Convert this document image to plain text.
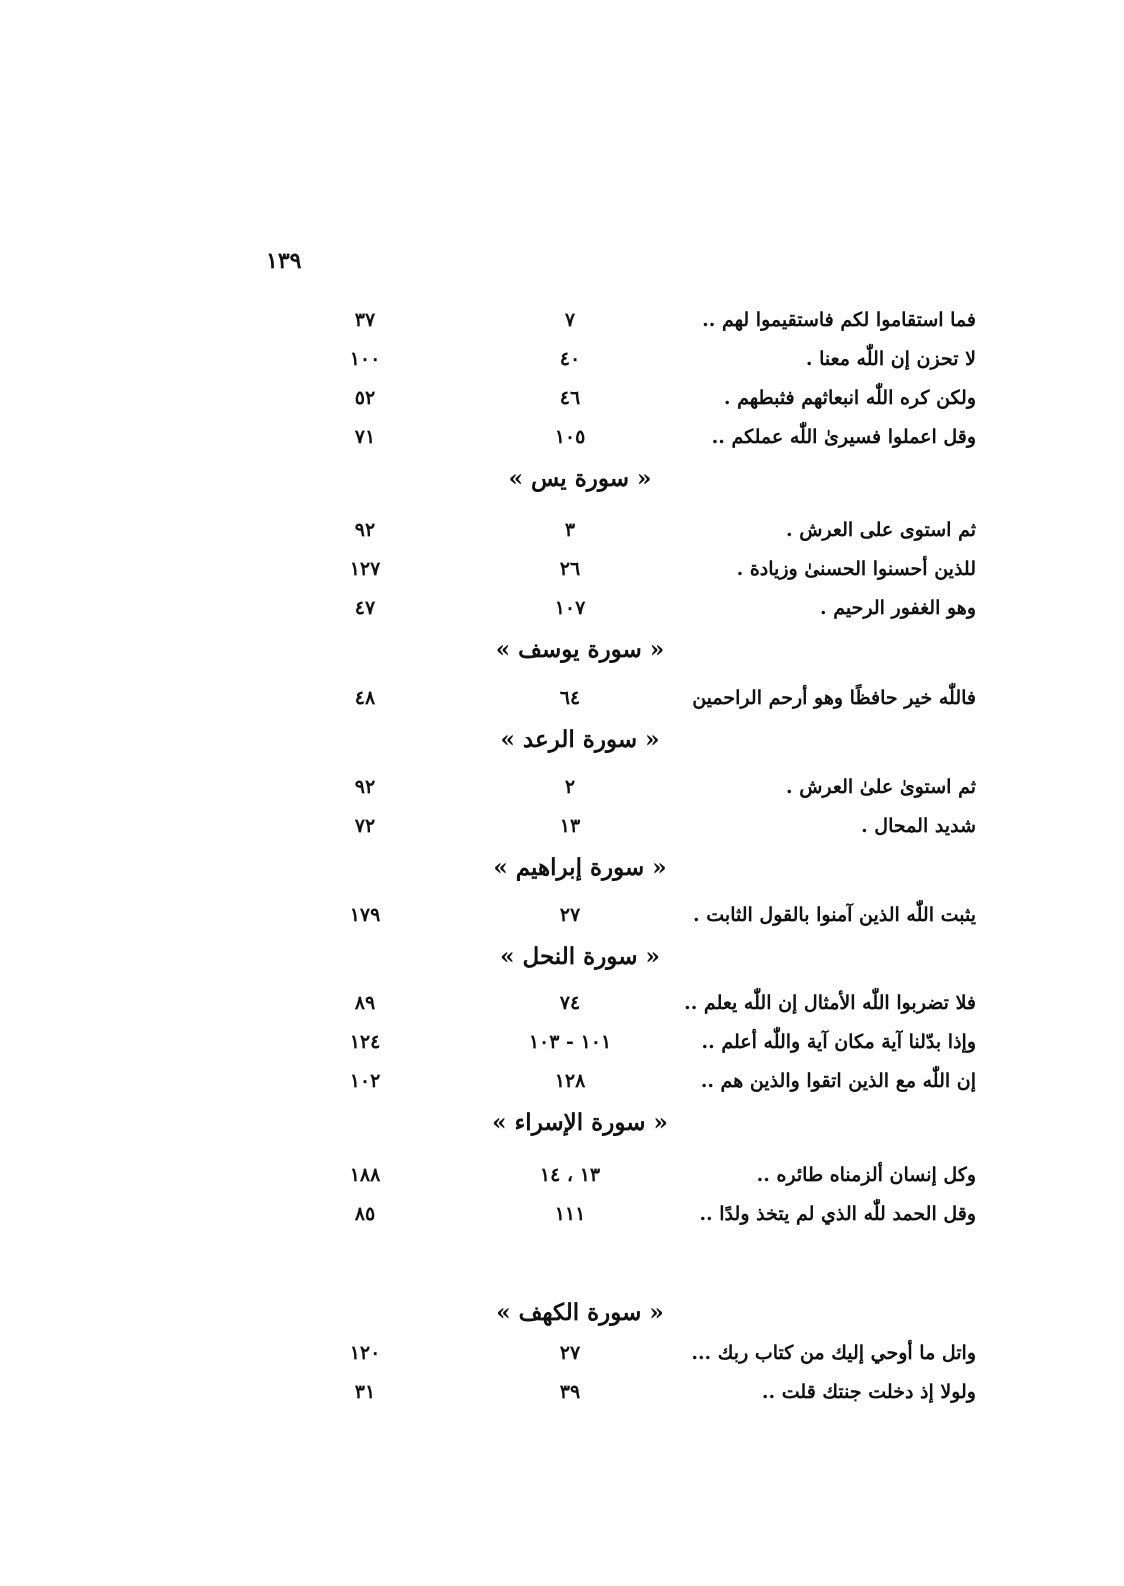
١٣٩
فما استقاموا لكم فاستقيموا لهم ..
٧
٣٧
لا تحزن إن اللّٰه معنا .
٤٠
١٠٠
ولكن كره اللّٰه انبعاثهم فثبطهم .
٤٦
٥٢
وقل اعملوا فسيرىٰ اللّٰه عملكم ..
١٠٥
٧١
« سورة يس »
ثم استوى على العرش .
٣
٩٢
للذين أحسنوا الحسنىٰ وزيادة .
٢٦
١٢٧
وهو الغفور الرحيم .
١٠٧
٤٧
« سورة يوسف »
فاللّٰه خير حافظًا وهو أرحم الراحمين
٦٤
٤٨
« سورة الرعد »
ثم استوىٰ علىٰ العرش .
٢
٩٢
شديد المحال .
١٣
٧٢
« سورة إبراهيم »
يثبت اللّٰه الذين آمنوا بالقول الثابت .
٢٧
١٧٩
« سورة النحل »
فلا تضربوا اللّٰه الأمثال إن اللّٰه يعلم ..
٧٤
٨٩
وإذا بدّلنا آية مكان آية واللّٰه أعلم ..
١٠١ - ١٠٣
١٢٤
إن اللّٰه مع الذين اتقوا والذين هم ..
١٢٨
١٠٢
« سورة الإسراء »
وكل إنسان ألزمناه طائره ..
١٣ ، ١٤
١٨٨
وقل الحمد للّٰه الذي لم يتخذ ولدًا ..
١١١
٨٥
« سورة الكهف »
واتل ما أوحي إليك من كتاب ربك ...
٢٧
١٢٠
ولولا إذ دخلت جنتك قلت ..
٣٩
٣١
